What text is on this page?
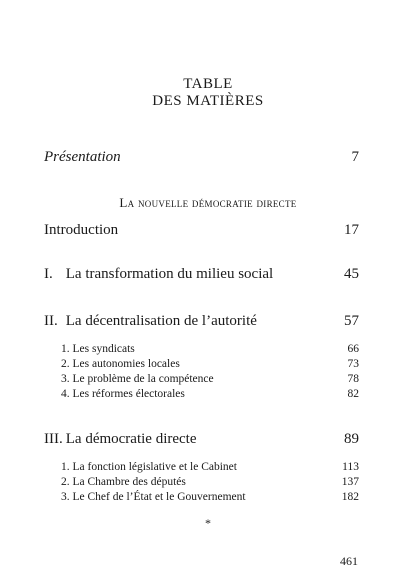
TABLE
DES MATIÈRES
Présentation	7
La nouvelle démocratie directe
Introduction	17
I. La transformation du milieu social	45
II. La décentralisation de l’autorité	57
1. Les syndicats	66
2. Les autonomies locales	73
3. Le problème de la compétence	78
4. Les réformes électorales	82
III. La démocratie directe	89
1. La fonction législative et le Cabinet	113
2. La Chambre des députés	137
3. Le Chef de l’État et le Gouvernement	182
*
461
